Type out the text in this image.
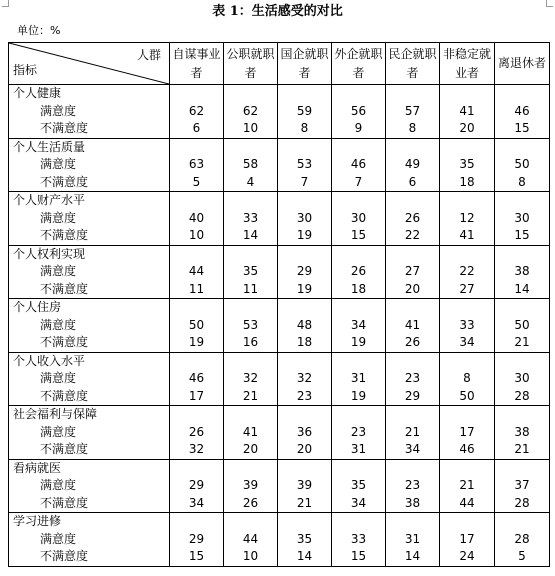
表 1：生活感受的对比
单位：%
人群
指标	自谋事业者	公职就职者	国企就职者	外企就职者	民企就职者	非稳定就业者	离退休者
个人健康							
满意度	62	62	59	56	57	41	46
不满意度	6	10	8	9	8	20	15
个人生活质量							
满意度	63	58	53	46	49	35	50
不满意度	5	4	7	7	6	18	8
个人财产水平							
满意度	40	33	30	30	26	12	30
不满意度	10	14	19	15	22	41	15
个人权利实现							
满意度	44	35	29	26	27	22	38
不满意度	11	11	19	18	20	27	14
个人住房							
满意度	50	53	48	34	41	33	50
不满意度	19	16	18	19	26	34	21
个人收入水平							
满意度	46	32	32	31	23	8	30
不满意度	17	21	23	19	29	50	28
社会福利与保障							
满意度	26	41	36	23	21	17	38
不满意度	32	20	20	31	34	46	21
看病就医							
满意度	29	39	39	35	23	21	37
不满意度	34	26	21	34	38	44	28
学习进修							
满意度	29	44	35	33	31	17	28
不满意度	15	10	14	15	14	24	5
